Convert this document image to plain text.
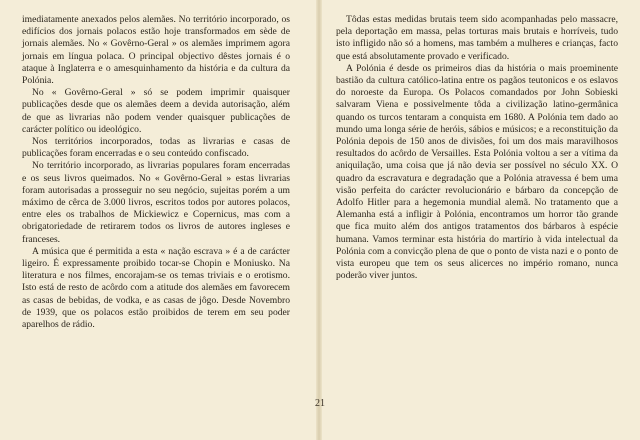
imediatamente anexados pelos alemães. No território incorporado, os edifícios dos jornais polacos estão hoje transformados em sède de jornais alemães. No « Govêrno-Geral » os alemães imprimem agora jornais em língua polaca. O principal objectivo dêstes jornais é o ataque à Inglaterra e o amesquinhamento da história e da cultura da Polónia.

No « Govêrno-Geral » só se podem imprimir quaisquer publicações desde que os alemães deem a devida autorisação, além de que as livrarias não podem vender quaisquer publicações de carácter político ou ideológico.

Nos territórios incorporados, todas as livrarias e casas de publicações foram encerradas e o seu conteúdo confiscado.

No território incorporado, as livrarias populares foram encerradas e os seus livros queimados. No « Govêrno-Geral » estas livrarias foram autorisadas a prosseguir no seu negócio, sujeitas porém a um máximo de cêrca de 3.000 livros, escritos todos por autores polacos, entre eles os trabalhos de Mickiewicz e Copernicus, mas com a obrigatoriedade de retirarem todos os livros de autores ingleses e franceses.

A música que é permitida a esta « nação escrava » é a de carácter ligeiro. É expressamente proibido tocar-se Chopin e Moniusko. Na literatura e nos filmes, encorajam-se os temas triviais e o erotismo. Isto está de resto de acôrdo com a atitude dos alemães em favorecem as casas de bebidas, de vodka, e as casas de jôgo. Desde Novembro de 1939, que os polacos estão proibidos de terem em seu poder aparelhos de rádio.

Tôdas estas medidas brutais teem sido acompanhadas pelo massacre, pela deportação em massa, pelas torturas mais brutais e horríveis, tudo isto infligido não só a homens, mas também a mulheres e crianças, facto que está absolutamente provado e verificado.

A Polónia é desde os primeiros dias da história o mais proeminente bastião da cultura católico-latina entre os pagãos teutonicos e os eslavos do noroeste da Europa. Os Polacos comandados por John Sobieski salvaram Viena e possivelmente tôda a civilização latino-germânica quando os turcos tentaram a conquista em 1680. A Polónia tem dado ao mundo uma longa série de heróis, sábios e músicos; e a reconstituição da Polónia depois de 150 anos de divisões, foi um dos mais maravilhosos resultados do acôrdo de Versailles. Esta Polónia voltou a ser a vítima da aniquilação, uma coisa que já não devia ser possível no século XX. O quadro da escravatura e degradação que a Polónia atravessa é bem uma visão perfeita do carácter revolucionário e bárbaro da concepção de Adolfo Hitler para a hegemonia mundial alemã. No tratamento que a Alemanha está a infligir à Polónia, encontramos um horror tão grande que fica muito além dos antigos tratamentos dos bárbaros à espécie humana. Vamos terminar esta história do martírio à vida intelectual da Polónia com a convicção plena de que o ponto de vista nazi e o ponto de vista europeu que tem os seus alicerces no império romano, nunca poderão viver juntos.

21
